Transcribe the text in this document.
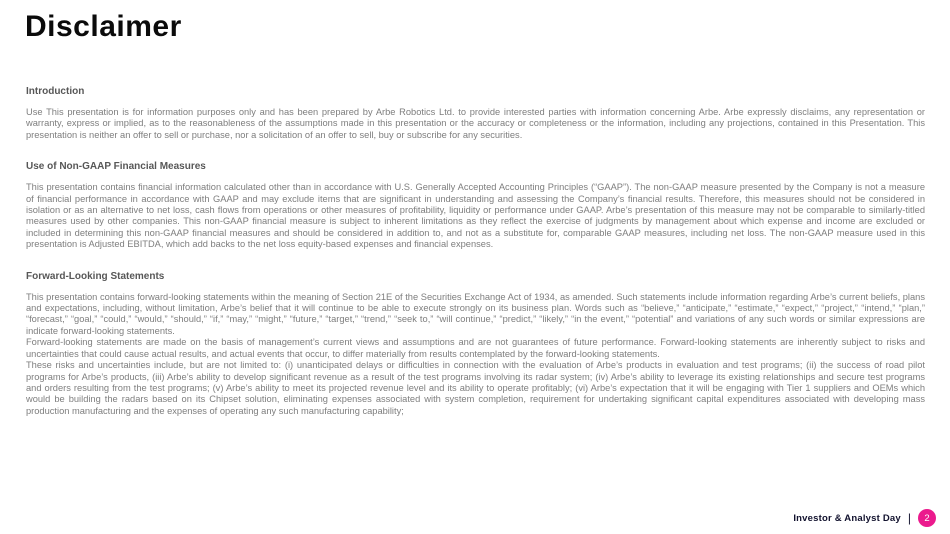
Disclaimer
Introduction

Use This presentation is for information purposes only and has been prepared by Arbe Robotics Ltd. to provide interested parties with information concerning Arbe. Arbe expressly disclaims, any representation or warranty, express or implied, as to the reasonableness of the assumptions made in this presentation or the accuracy or completeness or the information, including any projections, contained in this Presentation. This presentation is neither an offer to sell or purchase, nor a solicitation of an offer to sell, buy or subscribe for any securities.

Use of Non-GAAP Financial Measures

This presentation contains financial information calculated other than in accordance with U.S. Generally Accepted Accounting Principles (“GAAP”). The non-GAAP measure presented by the Company is not a measure of financial performance in accordance with GAAP and may exclude items that are significant in understanding and assessing the Company’s financial results. Therefore, this measures should not be considered in isolation or as an alternative to net loss, cash flows from operations or other measures of profitability, liquidity or performance under GAAP. Arbe’s presentation of this measure may not be comparable to similarly-titled measures used by other companies. This non-GAAP financial measure is subject to inherent limitations as they reflect the exercise of judgments by management about which expense and income are excluded or included in determining this non-GAAP financial measures and should be considered in addition to, and not as a substitute for, comparable GAAP measures, including net loss. The non-GAAP measure used in this presentation is Adjusted EBITDA, which add backs to the net loss equity-based expenses and financial expenses.

Forward-Looking Statements

This presentation contains forward-looking statements within the meaning of Section 21E of the Securities Exchange Act of 1934, as amended. Such statements include information regarding Arbe’s current beliefs, plans and expectations, including, without limitation, Arbe’s belief that it will continue to be able to execute strongly on its business plan. Words such as “believe,” “anticipate,” “estimate,” “expect,” “project,” “intend,” “plan,” “forecast,” “goal,” “could,” “would,” “should,” “if,” “may,” “might,” “future,” “target,” “trend,” “seek to,” “will continue,” “predict,” “likely,” “in the event,” “potential” and variations of any such words or similar expressions are indicate forward-looking statements.

Forward-looking statements are made on the basis of management’s current views and assumptions and are not guarantees of future performance. Forward-looking statements are inherently subject to risks and uncertainties that could cause actual results, and actual events that occur, to differ materially from results contemplated by the forward-looking statements.

These risks and uncertainties include, but are not limited to: (i) unanticipated delays or difficulties in connection with the evaluation of Arbe’s products in evaluation and test programs; (ii) the success of road pilot programs for Arbe’s products, (iii) Arbe’s ability to develop significant revenue as a result of the test programs involving its radar system; (iv) Arbe’s ability to leverage its existing relationships and secure test programs and orders resulting from the test programs; (v) Arbe’s ability to meet its projected revenue level and its ability to operate profitably; (vi) Arbe’s expectation that it will be engaging with Tier 1 suppliers and OEMs which would be building the radars based on its Chipset solution, eliminating expenses associated with system completion, requirement for undertaking significant capital expenditures associated with developing mass production manufacturing and the expenses of operating any such manufacturing capability;

Investor & Analyst Day |	2
